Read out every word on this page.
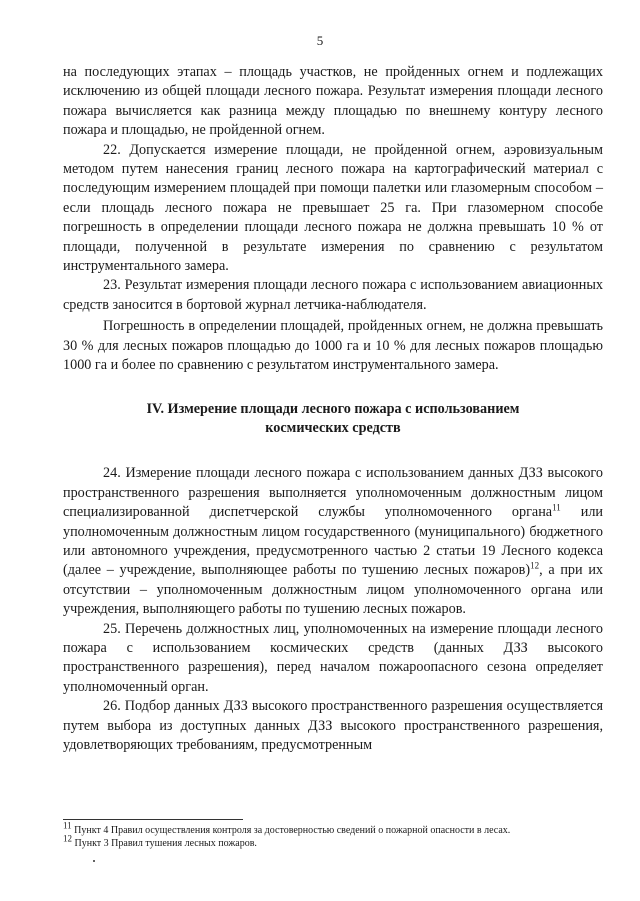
5

на последующих этапах – площадь участков, не пройденных огнем и подлежащих исключению из общей площади лесного пожара. Результат измерения площади лесного пожара вычисляется как разница между площадью по внешнему контуру лесного пожара и площадью, не пройденной огнем.

22. Допускается измерение площади, не пройденной огнем, аэровизуальным методом путем нанесения границ лесного пожара на картографический материал с последующим измерением площадей при помощи палетки или глазомерным способом – если площадь лесного пожара не превышает 25 га. При глазомерном способе погрешность в определении площади лесного пожара не должна превышать 10 % от площади, полученной в результате измерения по сравнению с результатом инструментального замера.

23. Результат измерения площади лесного пожара с использованием авиационных средств заносится в бортовой журнал летчика-наблюдателя.

Погрешность в определении площадей, пройденных огнем, не должна превышать 30 % для лесных пожаров площадью до 1000 га и 10 % для лесных пожаров площадью 1000 га и более по сравнению с результатом инструментального замера.

IV. Измерение площади лесного пожара с использованием
космических средств

24. Измерение площади лесного пожара с использованием данных ДЗЗ высокого пространственного разрешения выполняется уполномоченным должностным лицом специализированной диспетчерской службы уполномоченного органа$^{11}$ или уполномоченным должностным лицом государственного (муниципального) бюджетного или автономного учреждения, предусмотренного частью 2 статьи 19 Лесного кодекса (далее – учреждение, выполняющее работы по тушению лесных пожаров)$^{12}$, а при их отсутствии – уполномоченным должностным лицом уполномоченного органа или учреждения, выполняющего работы по тушению лесных пожаров.

25. Перечень должностных лиц, уполномоченных на измерение площади лесного пожара с использованием космических средств (данных ДЗЗ высокого пространственного разрешения), перед началом пожароопасного сезона определяет уполномоченный орган.

26. Подбор данных ДЗЗ высокого пространственного разрешения осуществляется путем выбора из доступных данных ДЗЗ высокого пространственного разрешения, удовлетворяющих требованиям, предусмотренным

$^{11}$ Пункт 4 Правил осуществления контроля за достоверностью сведений о пожарной опасности в лесах.

$^{12}$ Пункт 3 Правил тушения лесных пожаров.
